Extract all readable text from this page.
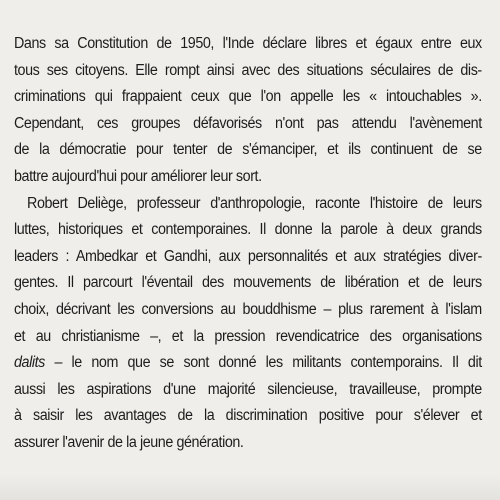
Dans sa Constitution de 1950, l'Inde déclare libres et égaux entre eux
tous ses citoyens. Elle rompt ainsi avec des situations séculaires de dis-
criminations qui frappaient ceux que l'on appelle les « intouchables ».
Cependant, ces groupes défavorisés n'ont pas attendu l'avènement
de la démocratie pour tenter de s'émanciper, et ils continuent de se
battre aujourd'hui pour améliorer leur sort.

Robert Deliège, professeur d'anthropologie, raconte l'histoire de leurs
luttes, historiques et contemporaines. Il donne la parole à deux grands
leaders : Ambedkar et Gandhi, aux personnalités et aux stratégies diver-
gentes. Il parcourt l'éventail des mouvements de libération et de leurs
choix, décrivant les conversions au bouddhisme – plus rarement à l'islam
et au christianisme –, et la pression revendicatrice des organisations
dalits – le nom que se sont donné les militants contemporains. Il dit
aussi les aspirations d'une majorité silencieuse, travailleuse, prompte
à saisir les avantages de la discrimination positive pour s'élever et
assurer l'avenir de la jeune génération.
